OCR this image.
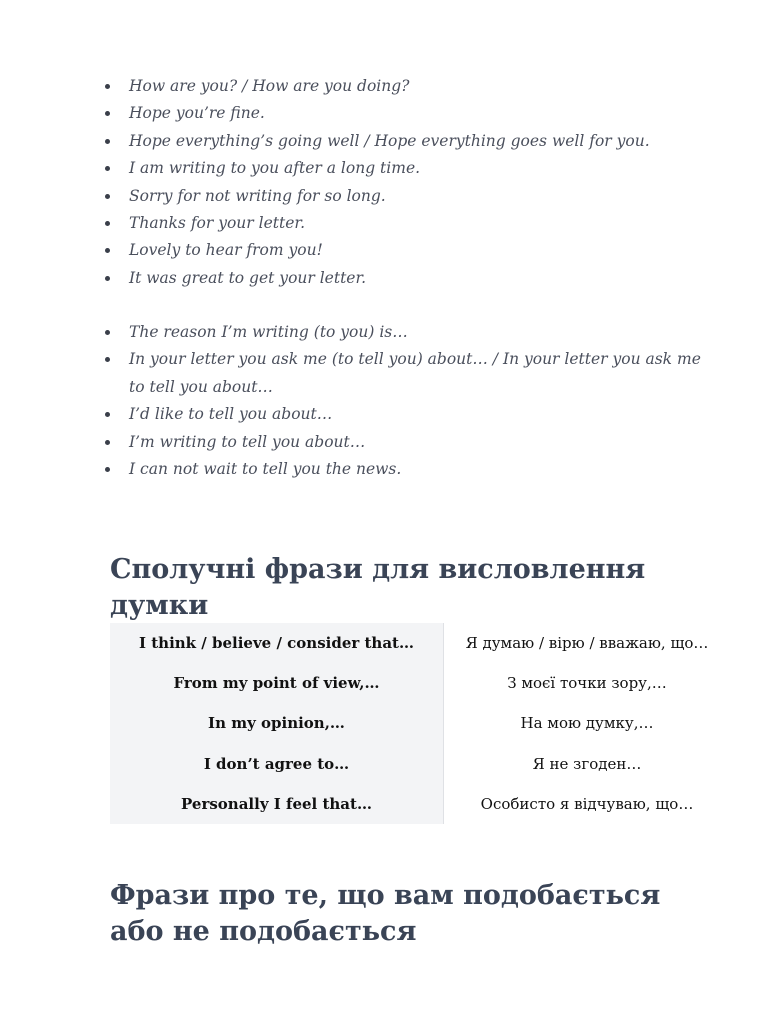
How are you? / How are you doing?
Hope you’re fine.
Hope everything’s going well / Hope everything goes well for you.
I am writing to you after a long time.
Sorry for not writing for so long.
Thanks for your letter.
Lovely to hear from you!
It was great to get your letter.
The reason I’m writing (to you) is…
In your letter you ask me (to tell you) about… / In your letter you ask me to tell you about…
I’d like to tell you about…
I’m writing to tell you about…
I can not wait to tell you the news.
Сполучні фрази для висловлення думки
I think / believe / consider that…	Я думаю / вірю / вважаю, що…
From my point of view,…	З моєї точки зору,…
In my opinion,…	На мою думку,…
I don’t agree to…	Я не згоден…
Personally I feel that…	Особисто я відчуваю, що…
Фрази про те, що вам подобається або не подобається
